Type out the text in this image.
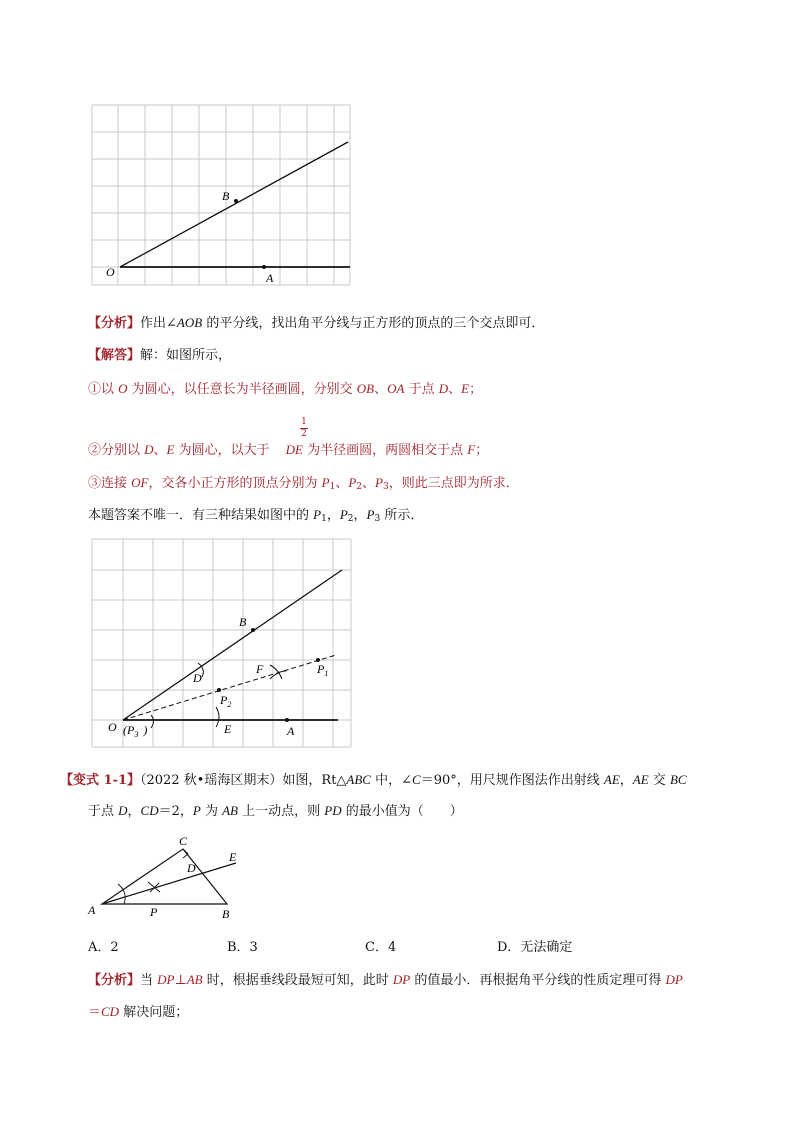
O
B
A
【分析】作出∠AOB 的平分线，找出角平分线与正方形的顶点的三个交点即可．
【解答】解：如图所示，
①以 O 为圆心，以任意长为半径画圆，分别交 OB、OA 于点 D、E；
②分别以 D、E 为圆心，以大于 DE 为半径画圆，两圆相交于点 F；
1
2
③连接 OF，交各小正方形的顶点分别为 $P_1$、$P_2$、$P_3$，则此三点即为所求．
本题答案不唯一．有三种结果如图中的 $P_1$，$P_2$，$P_3$ 所示．
O ($P_3$ )
B
D
F	$P_1$
$P_2$
E	A
【变式 1-1】（2022 秋•瑶海区期末）如图，Rt△ABC 中，∠C＝90°，用尺规作图法作出射线 AE，AE 交 BC
于点 D，CD＝2，P 为 AB 上一动点，则 PD 的最小值为（　　）
C
E
D
A	P	B
A．2	B．3	C．4	D．无法确定
【分析】当 DP⊥AB 时，根据垂线段最短可知，此时 DP 的值最小．再根据角平分线的性质定理可得 DP
＝CD 解决问题；
